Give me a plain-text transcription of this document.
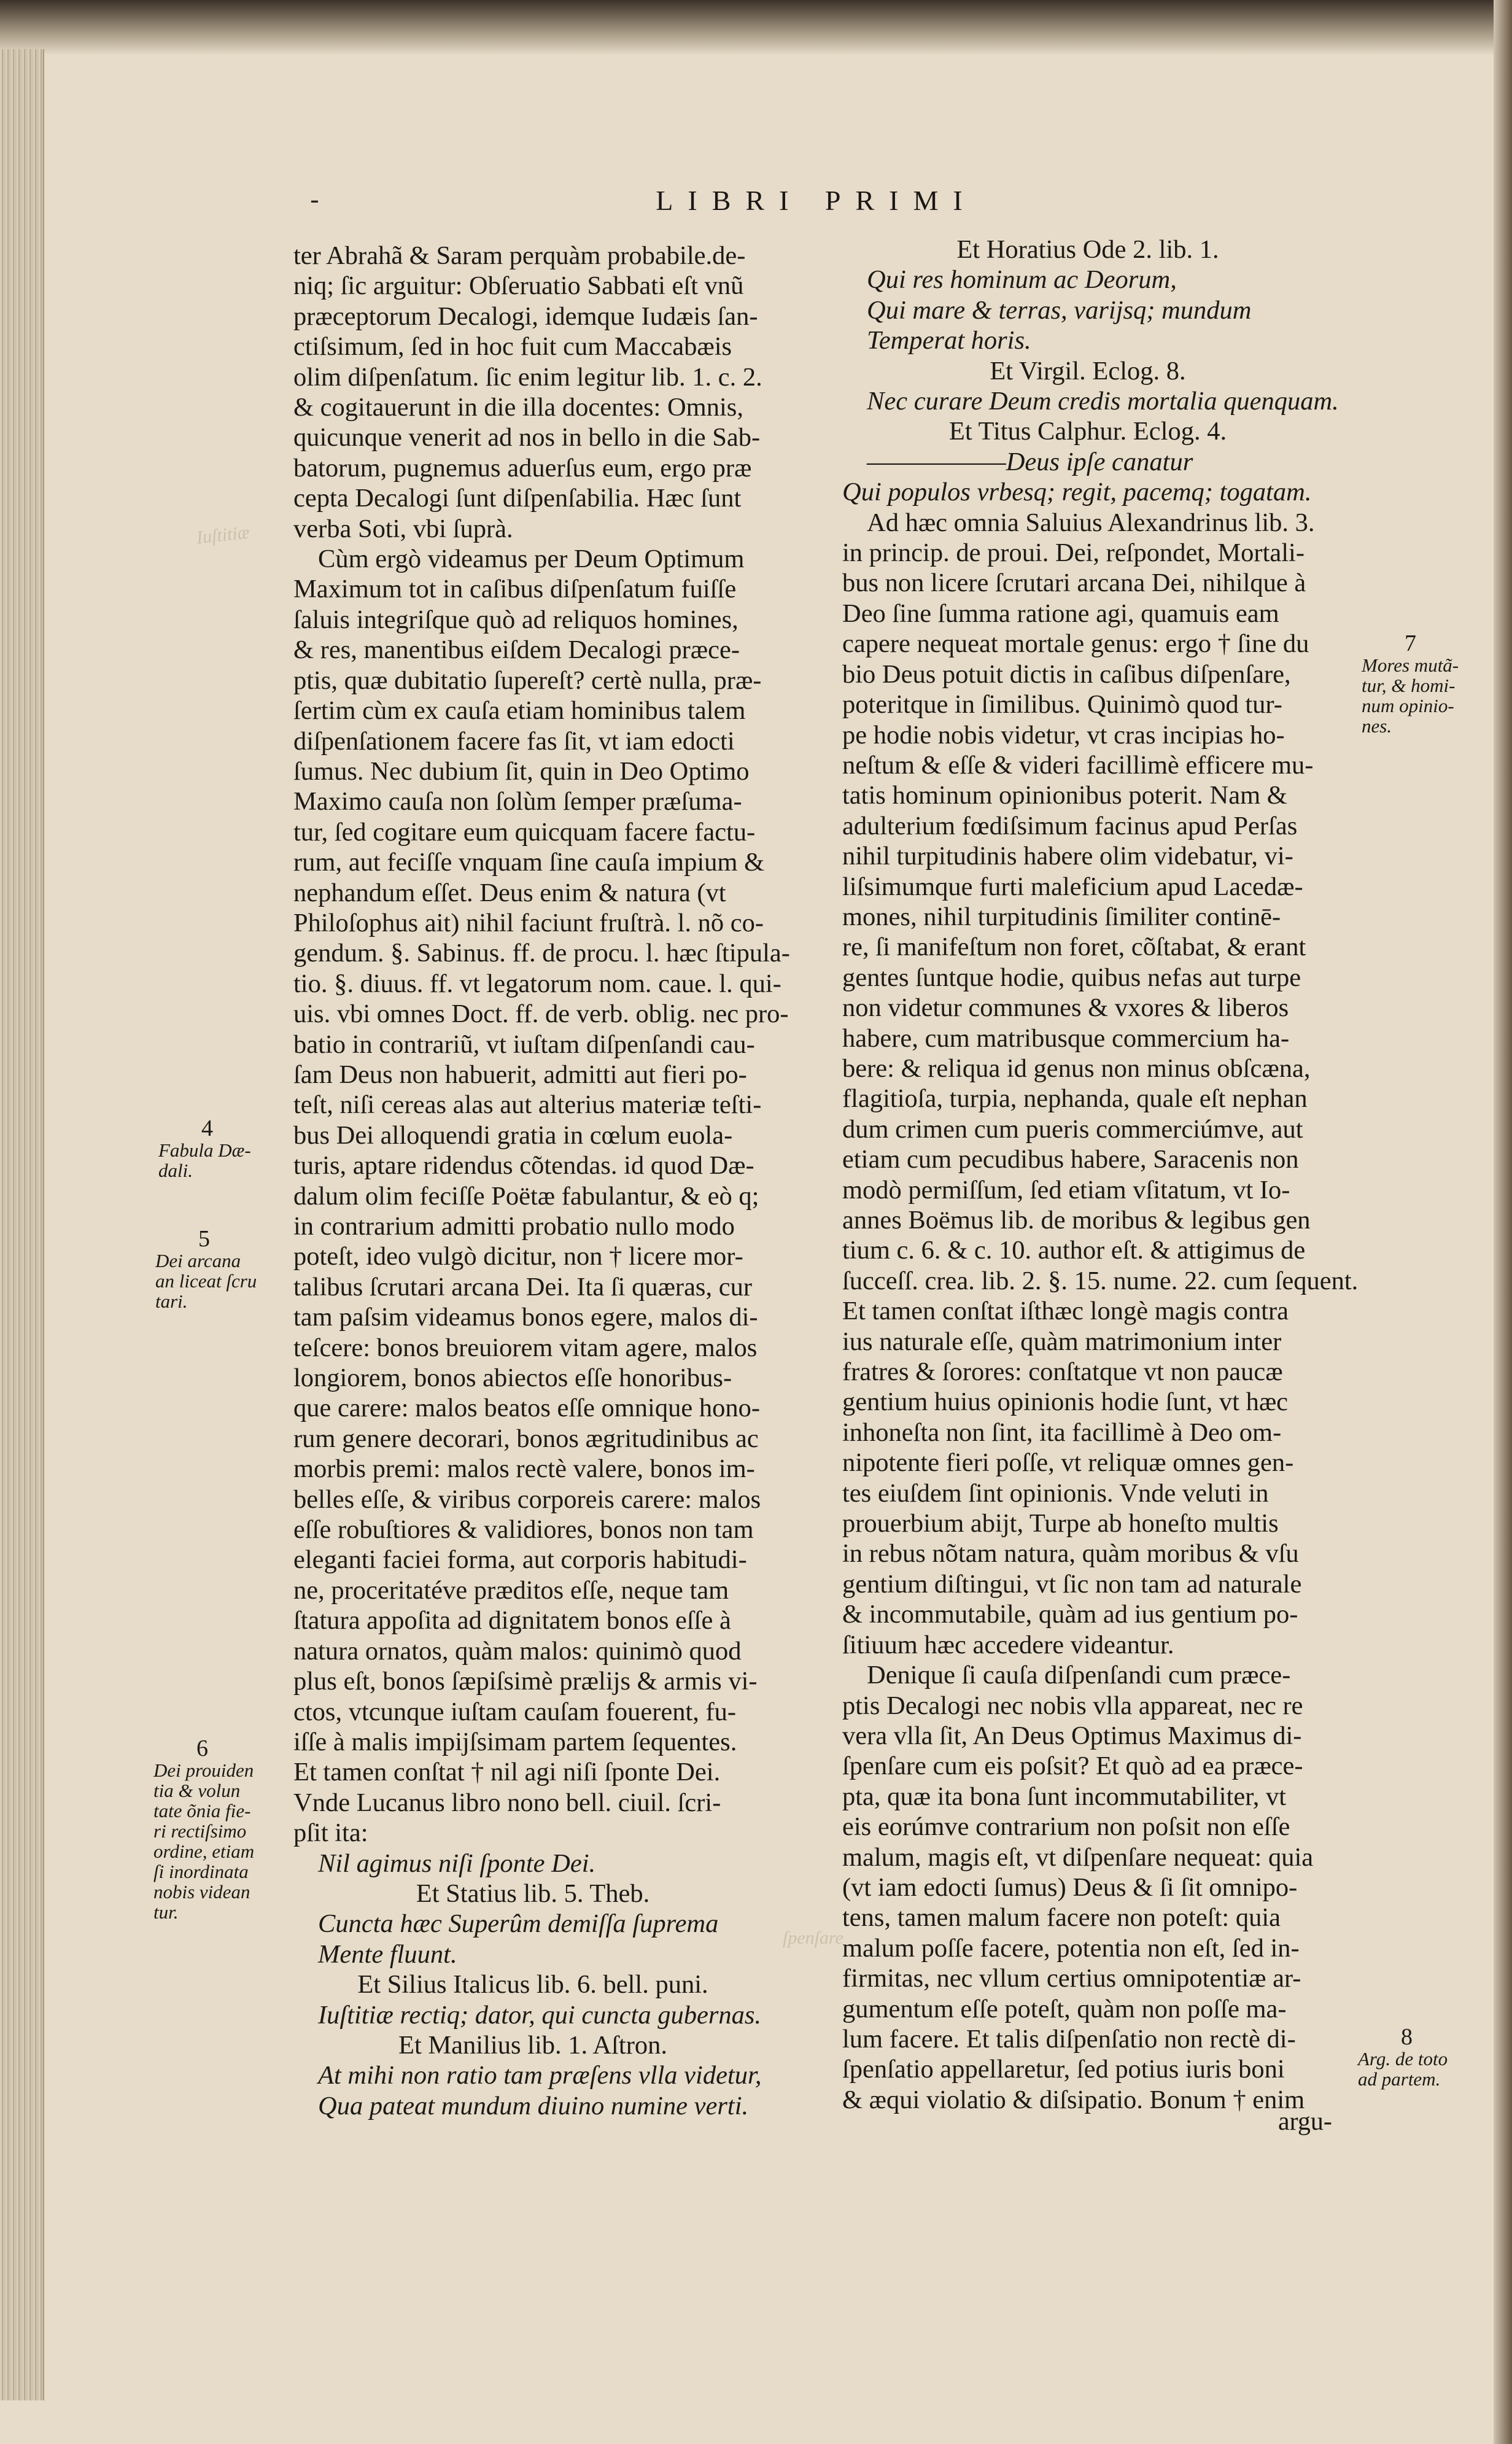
LIBRI PRIMI
-
Iuſtitiæ
ſpenſare

ter Abrahã & Saram perquàm probabile.de-

niq; ſic arguitur: Obſeruatio Sabbati eſt vnũ

præceptorum Decalogi, idemque Iudæis ſan-

ctiſsimum, ſed in hoc fuit cum Maccabæis

olim diſpenſatum. ſic enim legitur lib. 1. c. 2.

& cogitauerunt in die illa docentes: Omnis,

quicunque venerit ad nos in bello in die Sab-

batorum, pugnemus aduerſus eum, ergo præ

cepta Decalogi ſunt diſpenſabilia. Hæc ſunt

verba Soti, vbi ſuprà.

Cùm ergò videamus per Deum Optimum

Maximum tot in caſibus diſpenſatum fuiſſe

ſaluis integriſque quò ad reliquos homines,

& res, manentibus eiſdem Decalogi præce-

ptis, quæ dubitatio ſupereſt? certè nulla, præ-

ſertim cùm ex cauſa etiam hominibus talem

diſpenſationem facere fas ſit, vt iam edocti

ſumus. Nec dubium ſit, quin in Deo Optimo

Maximo cauſa non ſolùm ſemper præſuma-

tur, ſed cogitare eum quicquam facere factu-

rum, aut feciſſe vnquam ſine cauſa impium &

nephandum eſſet. Deus enim & natura (vt

Philoſophus ait) nihil faciunt fruſtrà. l. nõ co-

gendum. §. Sabinus. ff. de procu. l. hæc ſtipula-

tio. §. diuus. ff. vt legatorum nom. caue. l. qui-

uis. vbi omnes Doct. ff. de verb. oblig. nec pro-

batio in contrariũ, vt iuſtam diſpenſandi cau-

ſam Deus non habuerit, admitti aut fieri po-

teſt, niſi cereas alas aut alterius materiæ teſti-

bus Dei alloquendi gratia in cœlum euola-

turis, aptare ridendus cõtendas. id quod Dæ-

dalum olim feciſſe Poëtæ fabulantur, & eò q;

in contrarium admitti probatio nullo modo

poteſt, ideo vulgò dicitur, non † licere mor-

talibus ſcrutari arcana Dei. Ita ſi quæras, cur

tam paſsim videamus bonos egere, malos di-

teſcere: bonos breuiorem vitam agere, malos

longiorem, bonos abiectos eſſe honoribus-

que carere: malos beatos eſſe omnique hono-

rum genere decorari, bonos ægritudinibus ac

morbis premi: malos rectè valere, bonos im-

belles eſſe, & viribus corporeis carere: malos

eſſe robuſtiores & validiores, bonos non tam

eleganti faciei forma, aut corporis habitudi-

ne, proceritatéve præditos eſſe, neque tam

ſtatura appoſita ad dignitatem bonos eſſe à

natura ornatos, quàm malos: quinimò quod

plus eſt, bonos ſæpiſsimè prælijs & armis vi-

ctos, vtcunque iuſtam cauſam fouerent, fu-

iſſe à malis impijſsimam partem ſequentes.

Et tamen conſtat † nil agi niſi ſponte Dei.

Vnde Lucanus libro nono bell. ciuil. ſcri-

pſit ita:

Nil agimus niſi ſponte Dei.

Et Statius lib. 5. Theb.

Cuncta hæc Superûm demiſſa ſuprema

Mente fluunt.

Et Silius Italicus lib. 6. bell. puni.

Iuſtitiæ rectiq; dator, qui cuncta gubernas.

Et Manilius lib. 1. Aſtron.

At mihi non ratio tam præſens vlla videtur,

Qua pateat mundum diuino numine verti.

Et Horatius Ode 2. lib. 1.

Qui res hominum ac Deorum,

Qui mare & terras, varijsq; mundum

Temperat horis.

Et Virgil. Eclog. 8.

Nec curare Deum credis mortalia quenquam.

Et Titus Calphur. Eclog. 4.

——————Deus ipſe canatur

Qui populos vrbesq; regit, pacemq; togatam.

Ad hæc omnia Saluius Alexandrinus lib. 3.

in princip. de proui. Dei, reſpondet, Mortali-

bus non licere ſcrutari arcana Dei, nihilque à

Deo ſine ſumma ratione agi, quamuis eam

capere nequeat mortale genus: ergo † ſine du

bio Deus potuit dictis in caſibus diſpenſare,

poteritque in ſimilibus. Quinimò quod tur-

pe hodie nobis videtur, vt cras incipias ho-

neſtum & eſſe & videri facillimè efficere mu-

tatis hominum opinionibus poterit. Nam &

adulterium fœdiſsimum facinus apud Perſas

nihil turpitudinis habere olim videbatur, vi-

liſsimumque furti maleficium apud Lacedæ-

mones, nihil turpitudinis ſimiliter continē-

re, ſi manifeſtum non foret, cõſtabat, & erant

gentes ſuntque hodie, quibus nefas aut turpe

non videtur communes & vxores & liberos

habere, cum matribusque commercium ha-

bere: & reliqua id genus non minus obſcæna,

flagitioſa, turpia, nephanda, quale eſt nephan

dum crimen cum pueris commerciúmve, aut

etiam cum pecudibus habere, Saracenis non

modò permiſſum, ſed etiam vſitatum, vt Io-

annes Boëmus lib. de moribus & legibus gen

tium c. 6. & c. 10. author eſt. & attigimus de

ſucceſſ. crea. lib. 2. §. 15. nume. 22. cum ſequent.

Et tamen conſtat iſthæc longè magis contra

ius naturale eſſe, quàm matrimonium inter

fratres & ſorores: conſtatque vt non paucæ

gentium huius opinionis hodie ſunt, vt hæc

inhoneſta non ſint, ita facillimè à Deo om-

nipotente fieri poſſe, vt reliquæ omnes gen-

tes eiuſdem ſint opinionis. Vnde veluti in

prouerbium abijt, Turpe ab honeſto multis

in rebus nõtam natura, quàm moribus & vſu

gentium diſtingui, vt ſic non tam ad naturale

& incommutabile, quàm ad ius gentium po-

ſitiuum hæc accedere videantur.

Denique ſi cauſa diſpenſandi cum præce-

ptis Decalogi nec nobis vlla appareat, nec re

vera vlla ſit, An Deus Optimus Maximus di-

ſpenſare cum eis poſsit? Et quò ad ea præce-

pta, quæ ita bona ſunt incommutabiliter, vt

eis eorúmve contrarium non poſsit non eſſe

malum, magis eſt, vt diſpenſare nequeat: quia

(vt iam edocti ſumus) Deus & ſi ſit omnipo-

tens, tamen malum facere non poteſt: quia

malum poſſe facere, potentia non eſt, ſed in-

firmitas, nec vllum certius omnipotentiæ ar-

gumentum eſſe poteſt, quàm non poſſe ma-

lum facere. Et talis diſpenſatio non rectè di-

ſpenſatio appellaretur, ſed potius iuris boni

& æqui violatio & diſsipatio. Bonum † enim

4
Fabula Dæ-
dali.
5
Dei arcana
an liceat ſcru
tari.
6
Dei prouiden
tia & volun
tate õnia fie-
ri rectiſsimo
ordine, etiam
ſi inordinata
nobis videan
tur.
7
Mores mutã-
tur, & homi-
num opinio-
nes.
8
Arg. de toto
ad partem.
argu-
